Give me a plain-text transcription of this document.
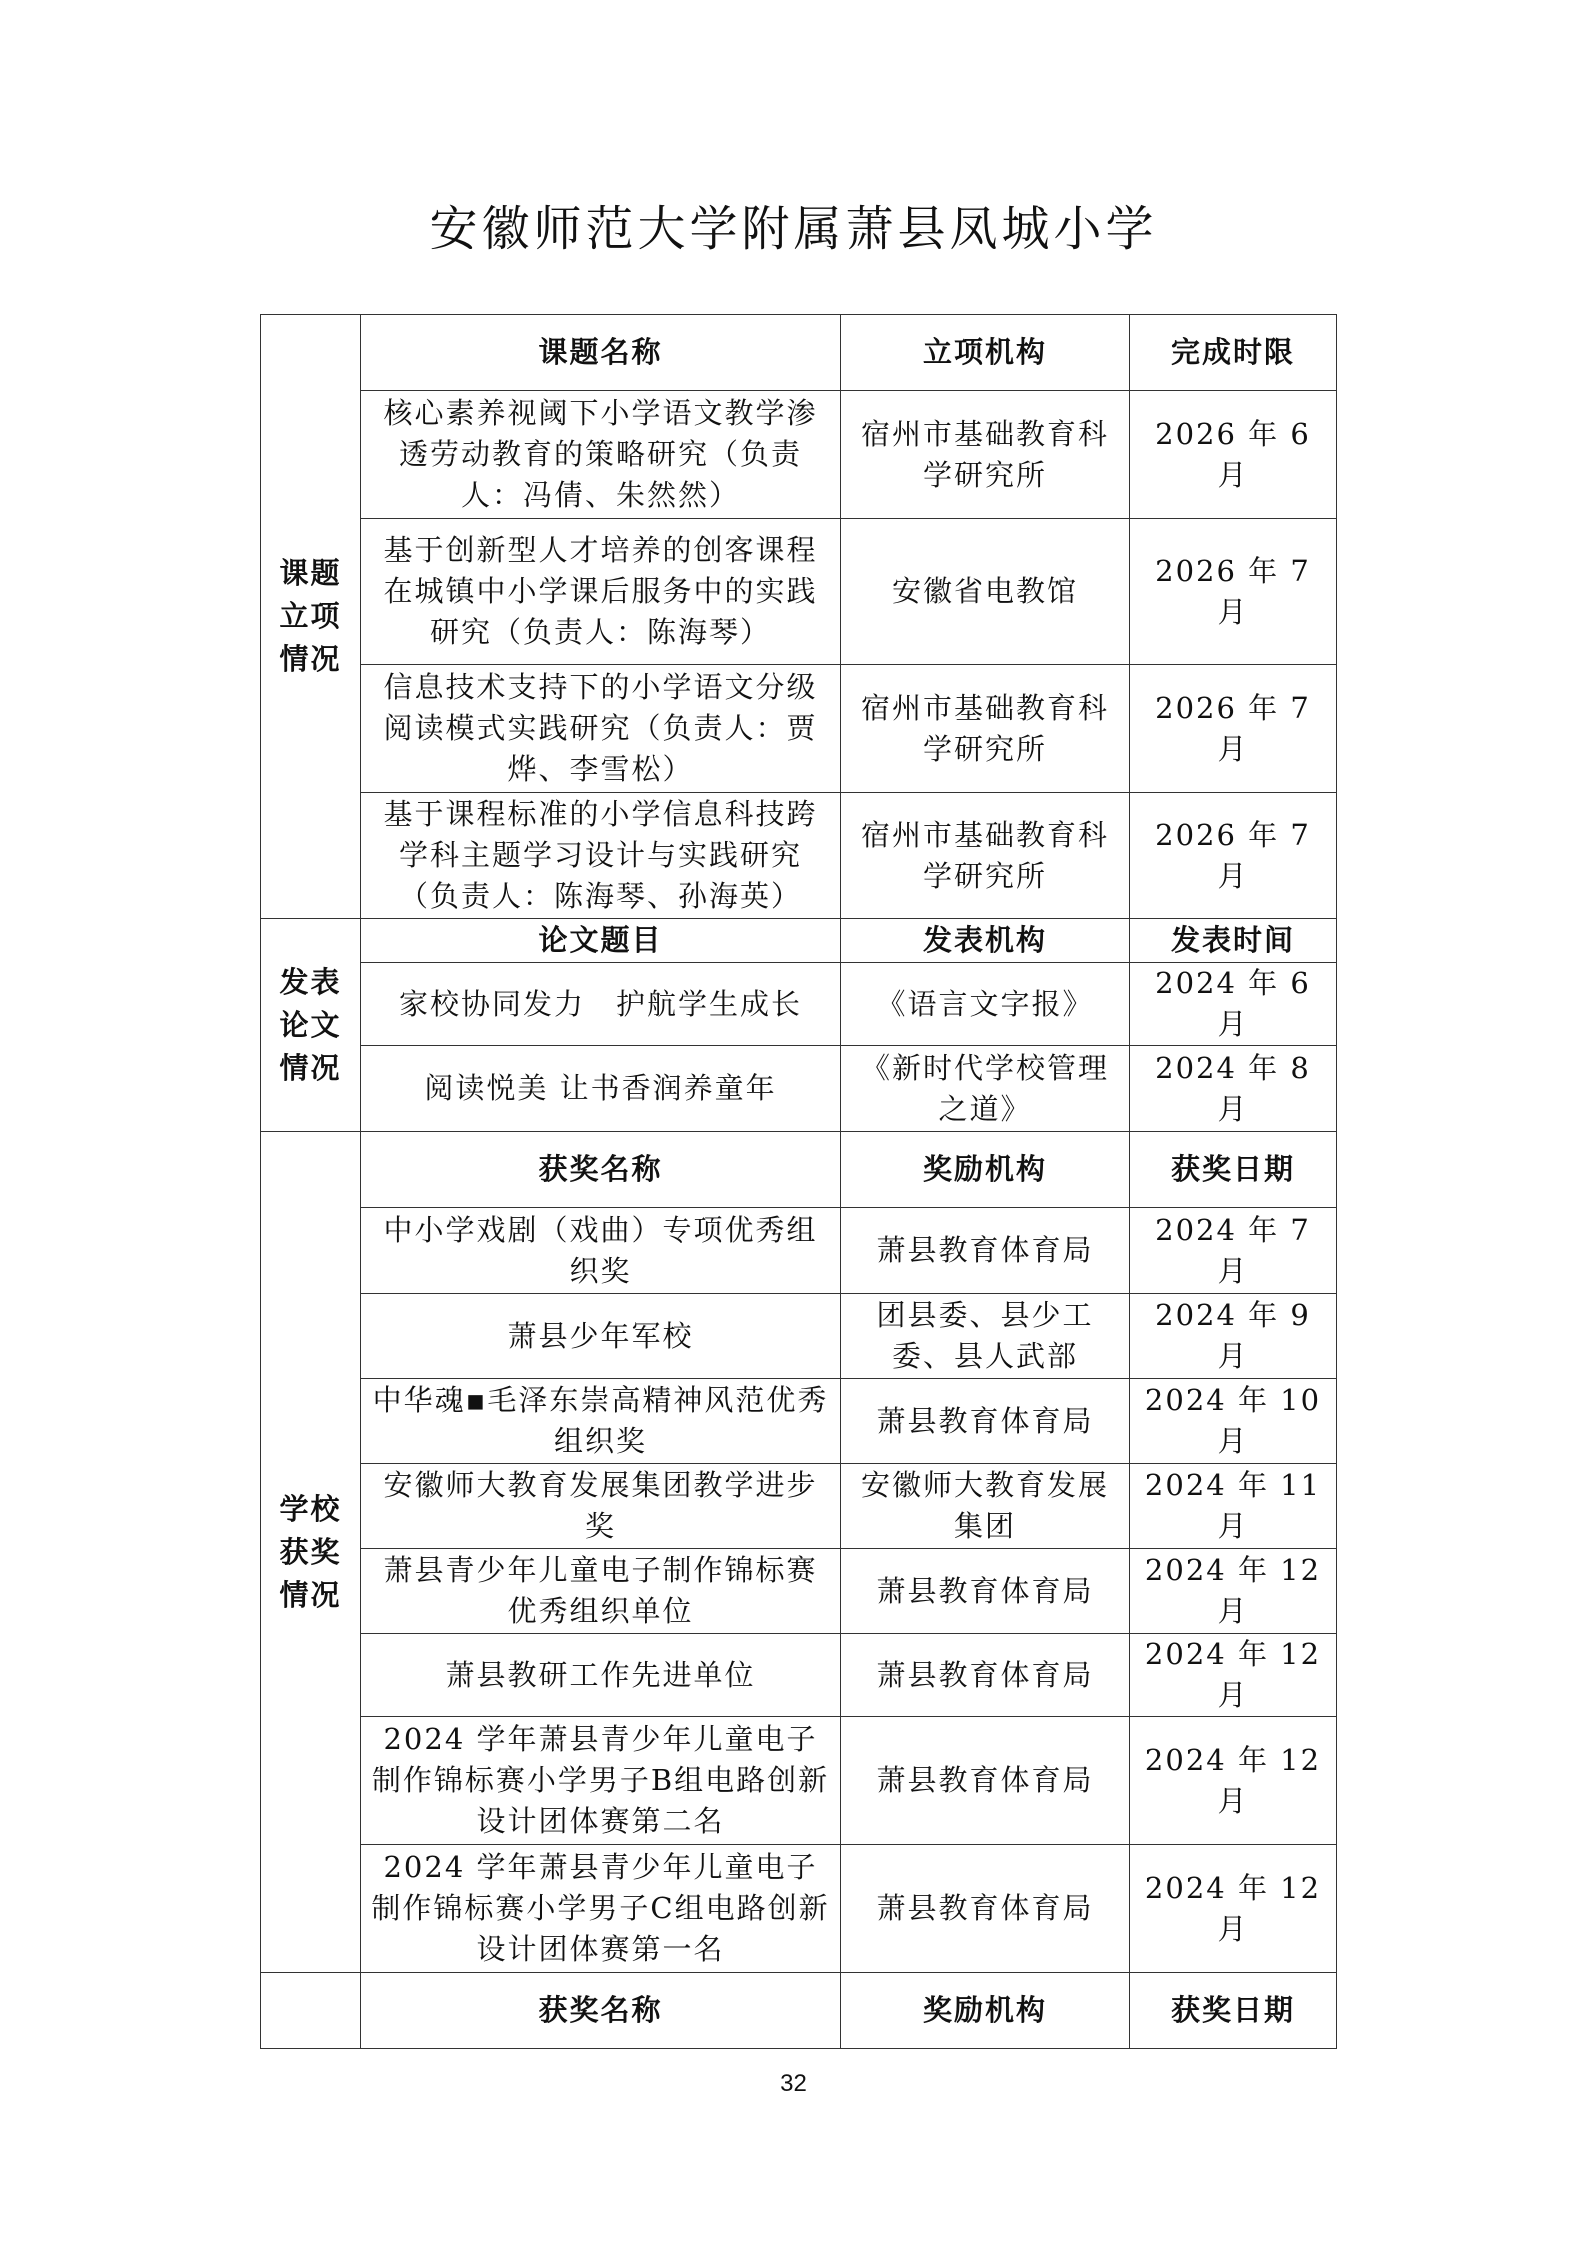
安徽师范大学附属萧县凤城小学
课题
立项
情况	课题名称	立项机构	完成时限
	核心素养视阈下小学语文教学渗透劳动教育的策略研究（负责人：冯倩、朱然然）	宿州市基础教育科学研究所	2026 年 6 月
	基于创新型人才培养的创客课程在城镇中小学课后服务中的实践研究（负责人：陈海琴）	安徽省电教馆	2026 年 7 月
	信息技术支持下的小学语文分级阅读模式实践研究（负责人：贾烨、李雪松）	宿州市基础教育科学研究所	2026 年 7 月
	基于课程标准的小学信息科技跨学科主题学习设计与实践研究（负责人：陈海琴、孙海英）	宿州市基础教育科学研究所	2026 年 7 月
发表
论文
情况	论文题目	发表机构	发表时间
	家校协同发力　护航学生成长	《语言文字报》	2024 年 6 月
	阅读悦美 让书香润养童年	《新时代学校管理之道》	2024 年 8 月
学校
获奖
情况	获奖名称	奖励机构	获奖日期
	中小学戏剧（戏曲）专项优秀组织奖	萧县教育体育局	2024 年 7 月
	萧县少年军校	团县委、县少工委、县人武部	2024 年 9 月
	中华魂▪毛泽东崇高精神风范优秀组织奖	萧县教育体育局	2024 年 10 月
	安徽师大教育发展集团教学进步奖	安徽师大教育发展集团	2024 年 11 月
	萧县青少年儿童电子制作锦标赛优秀组织单位	萧县教育体育局	2024 年 12 月
	萧县教研工作先进单位	萧县教育体育局	2024 年 12 月
	2024 学年萧县青少年儿童电子制作锦标赛小学男子B组电路创新设计团体赛第二名	萧县教育体育局	2024 年 12 月
	2024 学年萧县青少年儿童电子制作锦标赛小学男子C组电路创新设计团体赛第一名	萧县教育体育局	2024 年 12 月
	获奖名称	奖励机构	获奖日期
32
